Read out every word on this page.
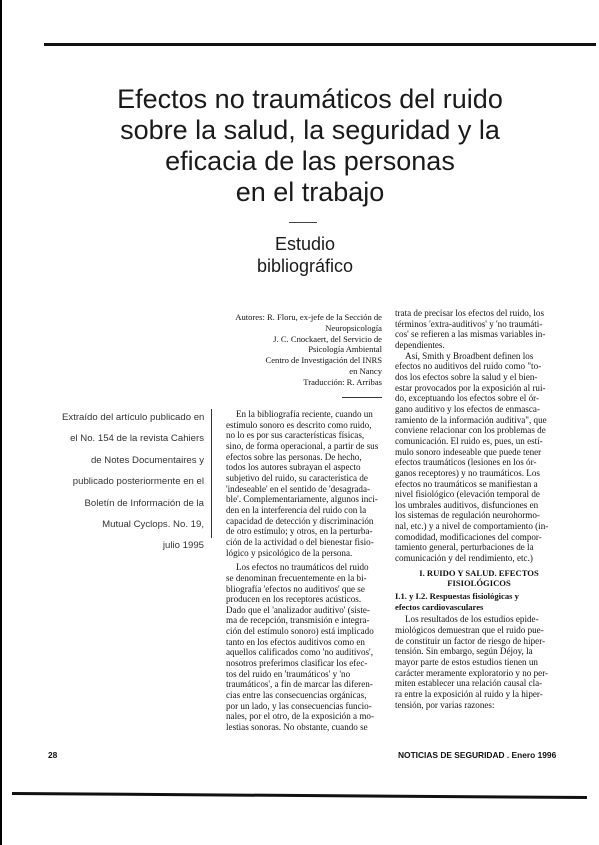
Efectos no traumáticos del ruido
sobre la salud, la seguridad y la
eficacia de las personas
en el trabajo
Estudio
bibliográfico
Autores: R. Floru, ex-jefe de la Sección de
Neuropsicología
J. C. Cnockaert, del Servicio de
Psicología Ambiental
Centro de Investigación del INRS
en Nancy
Traducción: R. Arribas
Extraído del artículo publicado en
el No. 154 de la revista Cahiers
de Notes Documentaires y
publicado posteriormente en el
Boletín de Información de la
Mutual Cyclops. No. 19,
julio 1995
En la bibliografía reciente, cuando un
estímulo sonoro es descrito como ruido,
no lo es por sus características físicas,
sino, de forma operacional, a partir de sus
efectos sobre las personas. De hecho,
todos los autores subrayan el aspecto
subjetivo del ruido, su característica de
'indeseable' en el sentido de 'desagrada-
ble'. Complementariamente, algunos inci-
den en la interferencia del ruido con la
capacidad de detección y discriminación
de otro estímulo; y otros, en la perturba-
ción de la actividad o del bienestar fisio-
lógico y psicológico de la persona.
Los efectos no traumáticos del ruido
se denominan frecuentemente en la bi-
bliografía 'efectos no auditivos' que se
producen en los receptores acústicos.
Dado que el 'analizador auditivo' (siste-
ma de recepción, transmisión e integra-
ción del estímulo sonoro) está implicado
tanto en los efectos auditivos como en
aquellos calificados como 'no auditivos',
nosotros preferimos clasificar los efec-
tos del ruido en 'traumáticos' y 'no
traumáticos', a fin de marcar las diferen-
cias entre las consecuencias orgánicas,
por un lado, y las consecuencias funcio-
nales, por el otro, de la exposición a mo-
lestias sonoras. No obstante, cuando se
trata de precisar los efectos del ruido, los
términos 'extra-auditivos' y 'no traumáti-
cos' se refieren a las mismas variables in-
dependientes.
Así, Smith y Broadbent definen los
efectos no auditivos del ruido como "to-
dos los efectos sobre la salud y el bien-
estar provocados por la exposición al rui-
do, exceptuando los efectos sobre el ór-
gano auditivo y los efectos de enmasca-
ramiento de la información auditiva", que
conviene relacionar con los problemas de
comunicación. El ruido es, pues, un estí-
mulo sonoro indeseable que puede tener
efectos traumáticos (lesiones en los ór-
ganos receptores) y no traumáticos. Los
efectos no traumáticos se manifiestan a
nivel fisiológico (elevación temporal de
los umbrales auditivos, disfunciones en
los sistemas de regulación neurohormo-
nal, etc.) y a nivel de comportamiento (in-
comodidad, modificaciones del compor-
tamiento general, perturbaciones de la
comunicación y del rendimiento, etc.)
I. RUIDO Y SALUD. EFECTOS
FISIOLÓGICOS
I.1. y I.2. Respuestas fisiológicas y
efectos cardiovasculares
Los resultados de los estudios epide-
miológicos demuestran que el ruido pue-
de constituir un factor de riesgo de hiper-
tensión. Sin embargo, según Déjoy, la
mayor parte de estos estudios tienen un
carácter meramente exploratorio y no per-
miten establecer una relación causal cla-
ra entre la exposición al ruido y la hiper-
tensión, por varias razones:
28	NOTICIAS DE SEGURIDAD . Enero 1996
